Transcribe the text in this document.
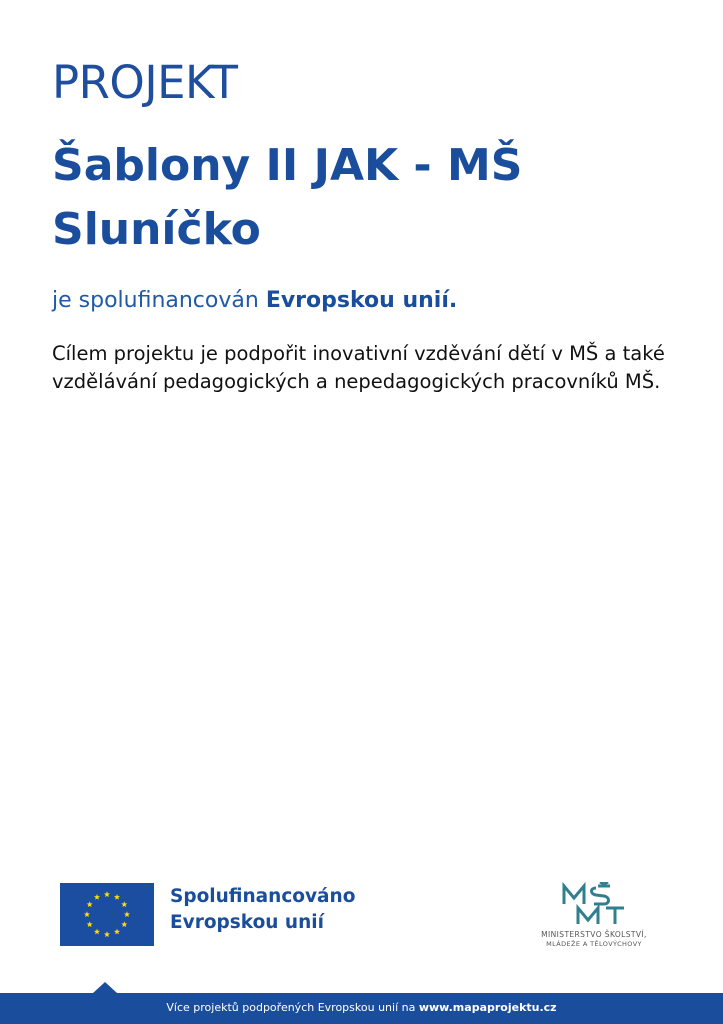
PROJEKT
Šablony II JAK - MŠ
Sluníčko
je spolufinancován Evropskou unií.
Cílem projektu je podpořit inovativní vzděvání dětí v MŠ a také
vzdělávání pedagogických a nepedagogických pracovníků MŠ.
Spolufinancováno
Evropskou unií
MINISTERSTVO ŠKOLSTVÍ,
MLÁDEŽE A TĚLOVÝCHOVY
Více projektů podpořených Evropskou unií na www.mapaprojektu.cz
